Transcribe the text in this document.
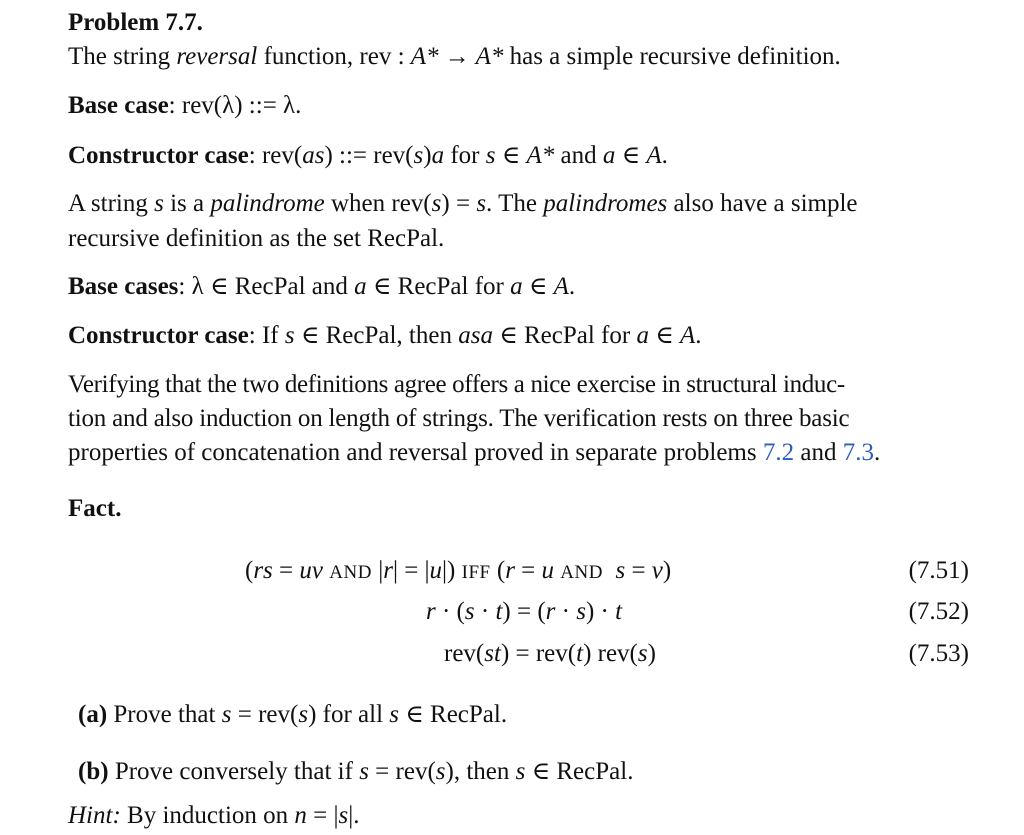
Problem 7.7.
The string reversal function, rev : A* → A* has a simple recursive definition.
Base case: rev(λ) ::= λ.
Constructor case: rev(as) ::= rev(s)a for s ∈ A* and a ∈ A.
A string s is a palindrome when rev(s) = s. The palindromes also have a simple
recursive definition as the set RecPal.
Base cases: λ ∈ RecPal and a ∈ RecPal for a ∈ A.
Constructor case: If s ∈ RecPal, then asa ∈ RecPal for a ∈ A.
Verifying that the two definitions agree offers a nice exercise in structural induc-
tion and also induction on length of strings. The verification rests on three basic
properties of concatenation and reversal proved in separate problems 7.2 and 7.3.
Fact.
(rs = uv AND |r| = |u|) IFF (r = u AND s = v)	(7.51)
r · (s · t) = (r · s) · t	(7.52)
rev(st) = rev(t) rev(s)	(7.53)
(a) Prove that s = rev(s) for all s ∈ RecPal.
(b) Prove conversely that if s = rev(s), then s ∈ RecPal.
Hint: By induction on n = |s|.
